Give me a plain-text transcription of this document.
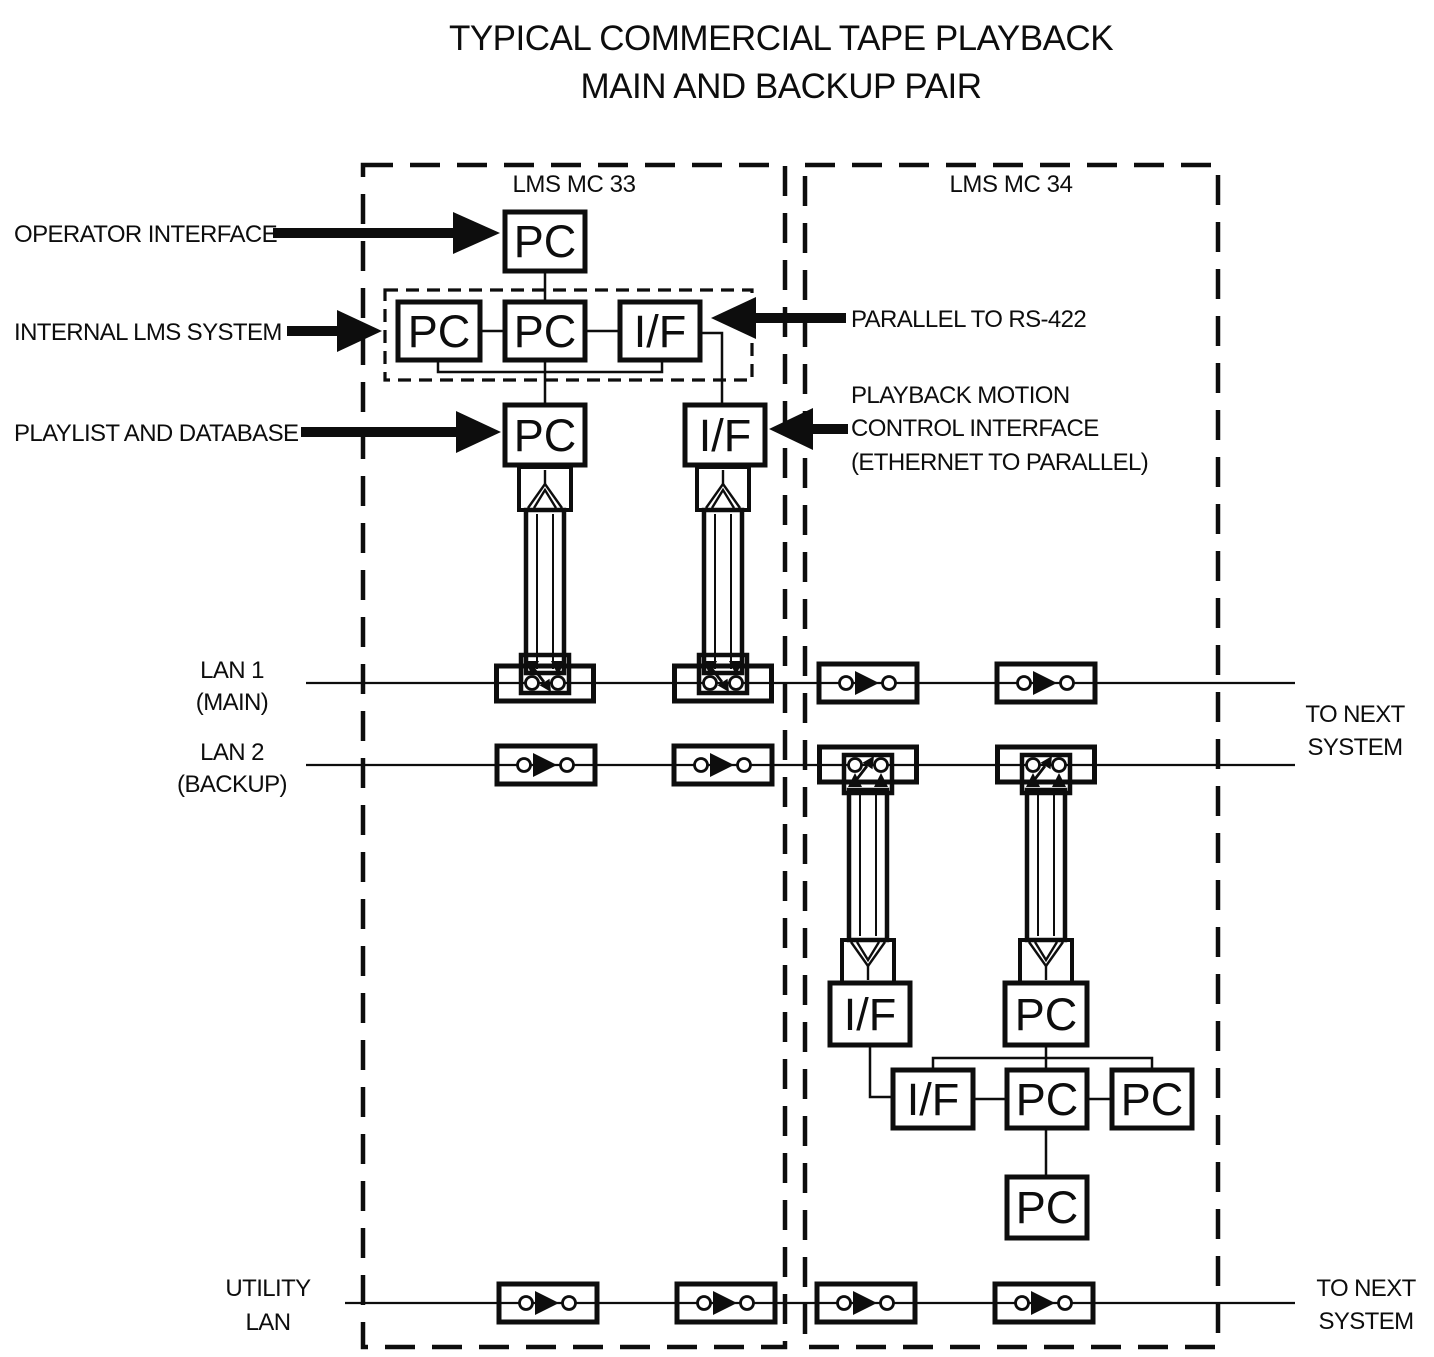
TYPICAL COMMERCIAL TAPE PLAYBACK
MAIN AND BACKUP PAIR
LMS MC 33	LMS MC 34
PC
PC PC I/F
PC	I/F
I/F	PC
I/F PC PC
PC
OPERATOR INTERFACE
INTERNAL LMS SYSTEM
PLAYLIST AND DATABASE
PARALLEL TO RS-422
PLAYBACK MOTION
CONTROL INTERFACE
(ETHERNET TO PARALLEL)
LAN 1
(MAIN)
LAN 2
(BACKUP)
UTILITY
LAN
TO NEXT
SYSTEM
TO NEXT
SYSTEM
